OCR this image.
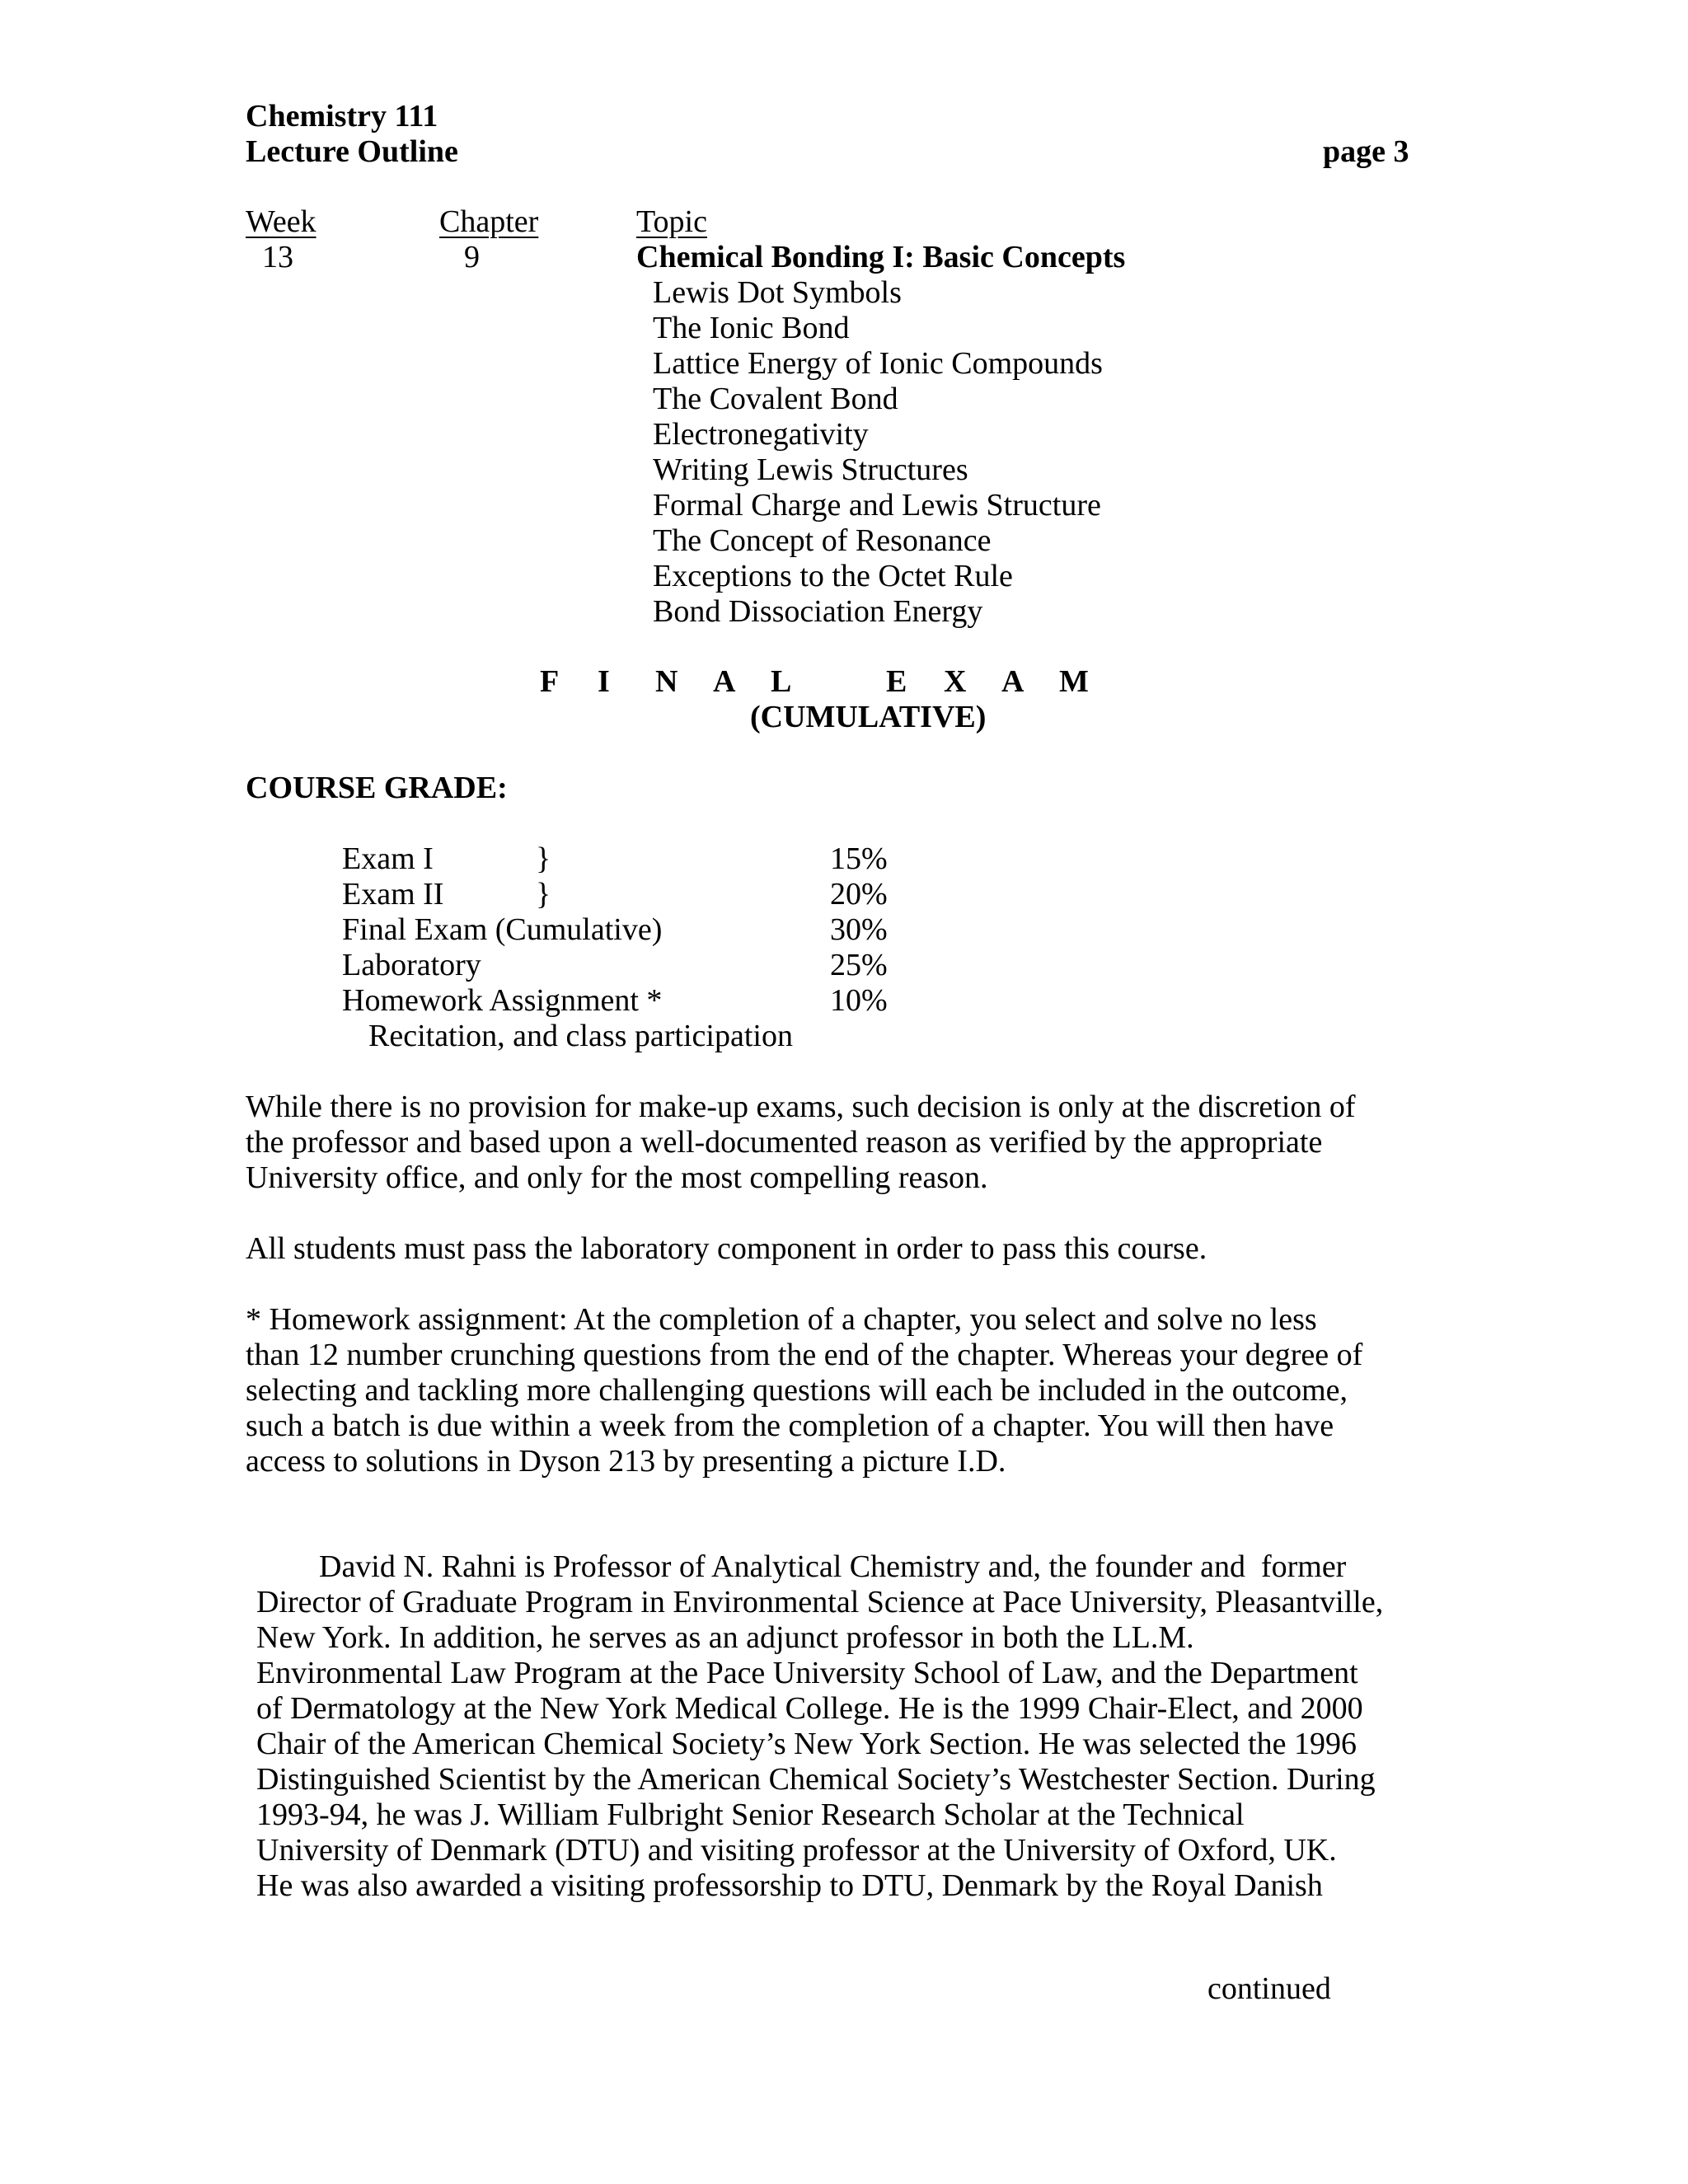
Chemistry 111
Lecture Outline	page 3
Week	Chapter	Topic
13	9	Chemical Bonding I: Basic Concepts
Lewis Dot Symbols
The Ionic Bond
Lattice Energy of Ionic Compounds
The Covalent Bond
Electronegativity
Writing Lewis Structures
Formal Charge and Lewis Structure
The Concept of Resonance
Exceptions to the Octet Rule
Bond Dissociation Energy
F I N A L	E X A M
(CUMULATIVE)
COURSE GRADE:
Exam I	}	15%
Exam II	}	20%
Final Exam (Cumulative)	30%
Laboratory	25%
Homework Assignment *	10%
Recitation, and class participation
While there is no provision for make-up exams, such decision is only at the discretion of
the professor and based upon a well-documented reason as verified by the appropriate
University office, and only for the most compelling reason.
All students must pass the laboratory component in order to pass this course.
* Homework assignment: At the completion of a chapter, you select and solve no less
than 12 number crunching questions from the end of the chapter. Whereas your degree of
selecting and tackling more challenging questions will each be included in the outcome,
such a batch is due within a week from the completion of a chapter. You will then have
access to solutions in Dyson 213 by presenting a picture I.D.
David N. Rahni is Professor of Analytical Chemistry and, the founder and  former
Director of Graduate Program in Environmental Science at Pace University, Pleasantville,
New York. In addition, he serves as an adjunct professor in both the LL.M.
Environmental Law Program at the Pace University School of Law, and the Department
of Dermatology at the New York Medical College. He is the 1999 Chair-Elect, and 2000
Chair of the American Chemical Society’s New York Section. He was selected the 1996
Distinguished Scientist by the American Chemical Society’s Westchester Section. During
1993-94, he was J. William Fulbright Senior Research Scholar at the Technical
University of Denmark (DTU) and visiting professor at the University of Oxford, UK.
He was also awarded a visiting professorship to DTU, Denmark by the Royal Danish
continued
